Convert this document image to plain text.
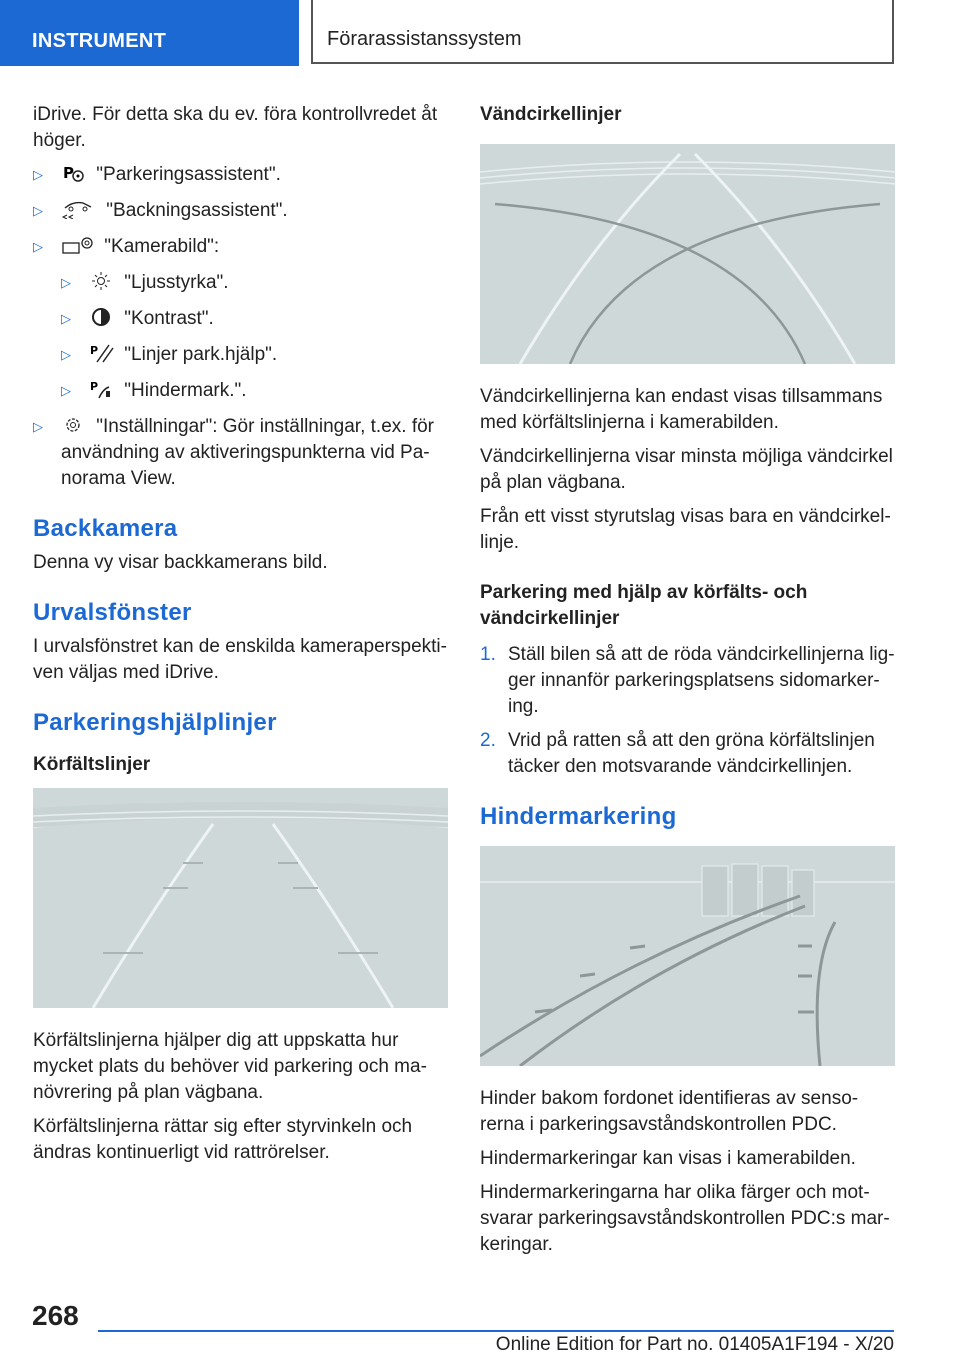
INSTRUMENT	Förarassistanssystem

iDrive. För detta ska du ev. föra kontrollvredet åt höger.

▷ P "Parkeringsassistent".
▷	"Backningsassistent".
▷	"Kamerabild":
▷	"Ljusstyrka".
▷	"Kontrast".
▷ P "Linjer park.hjälp".
▷ P "Hindermark.".
▷	"Inställningar": Gör inställningar, t.ex. för användning av aktiveringspunkterna vid Panorama View.
Backkamera

Denna vy visar backkamerans bild.

Urvalsfönster

I urvalsfönstret kan de enskilda kameraperspektiven väljas med iDrive.

Parkeringshjälplinjer
Körfältslinjer

Körfältslinjerna hjälper dig att uppskatta hur mycket plats du behöver vid parkering och manövrering på plan vägbana.

Körfältslinjerna rättar sig efter styrvinkeln och ändras kontinuerligt vid rattrörelser.

Vändcirkellinjer

Vändcirkellinjerna kan endast visas tillsammans med körfältslinjerna i kamerabilden.

Vändcirkellinjerna visar minsta möjliga vändcirkel på plan vägbana.

Från ett visst styrutslag visas bara en vändcirkellinje.

Parkering med hjälp av körfälts- och vändcirkellinjer
1. Ställ bilen så att de röda vändcirkellinjerna ligger innanför parkeringsplatsens sidomarkering.
2. Vrid på ratten så att den gröna körfältslinjen täcker den motsvarande vändcirkellinjen.
Hindermarkering

Hinder bakom fordonet identifieras av sensorerna i parkeringsavståndskontrollen PDC.

Hindermarkeringar kan visas i kamerabilden.

Hindermarkeringarna har olika färger och motsvarar parkeringsavståndskontrollen PDC:s markeringar.

268
Online Edition for Part no. 01405A1F194 - X/20
